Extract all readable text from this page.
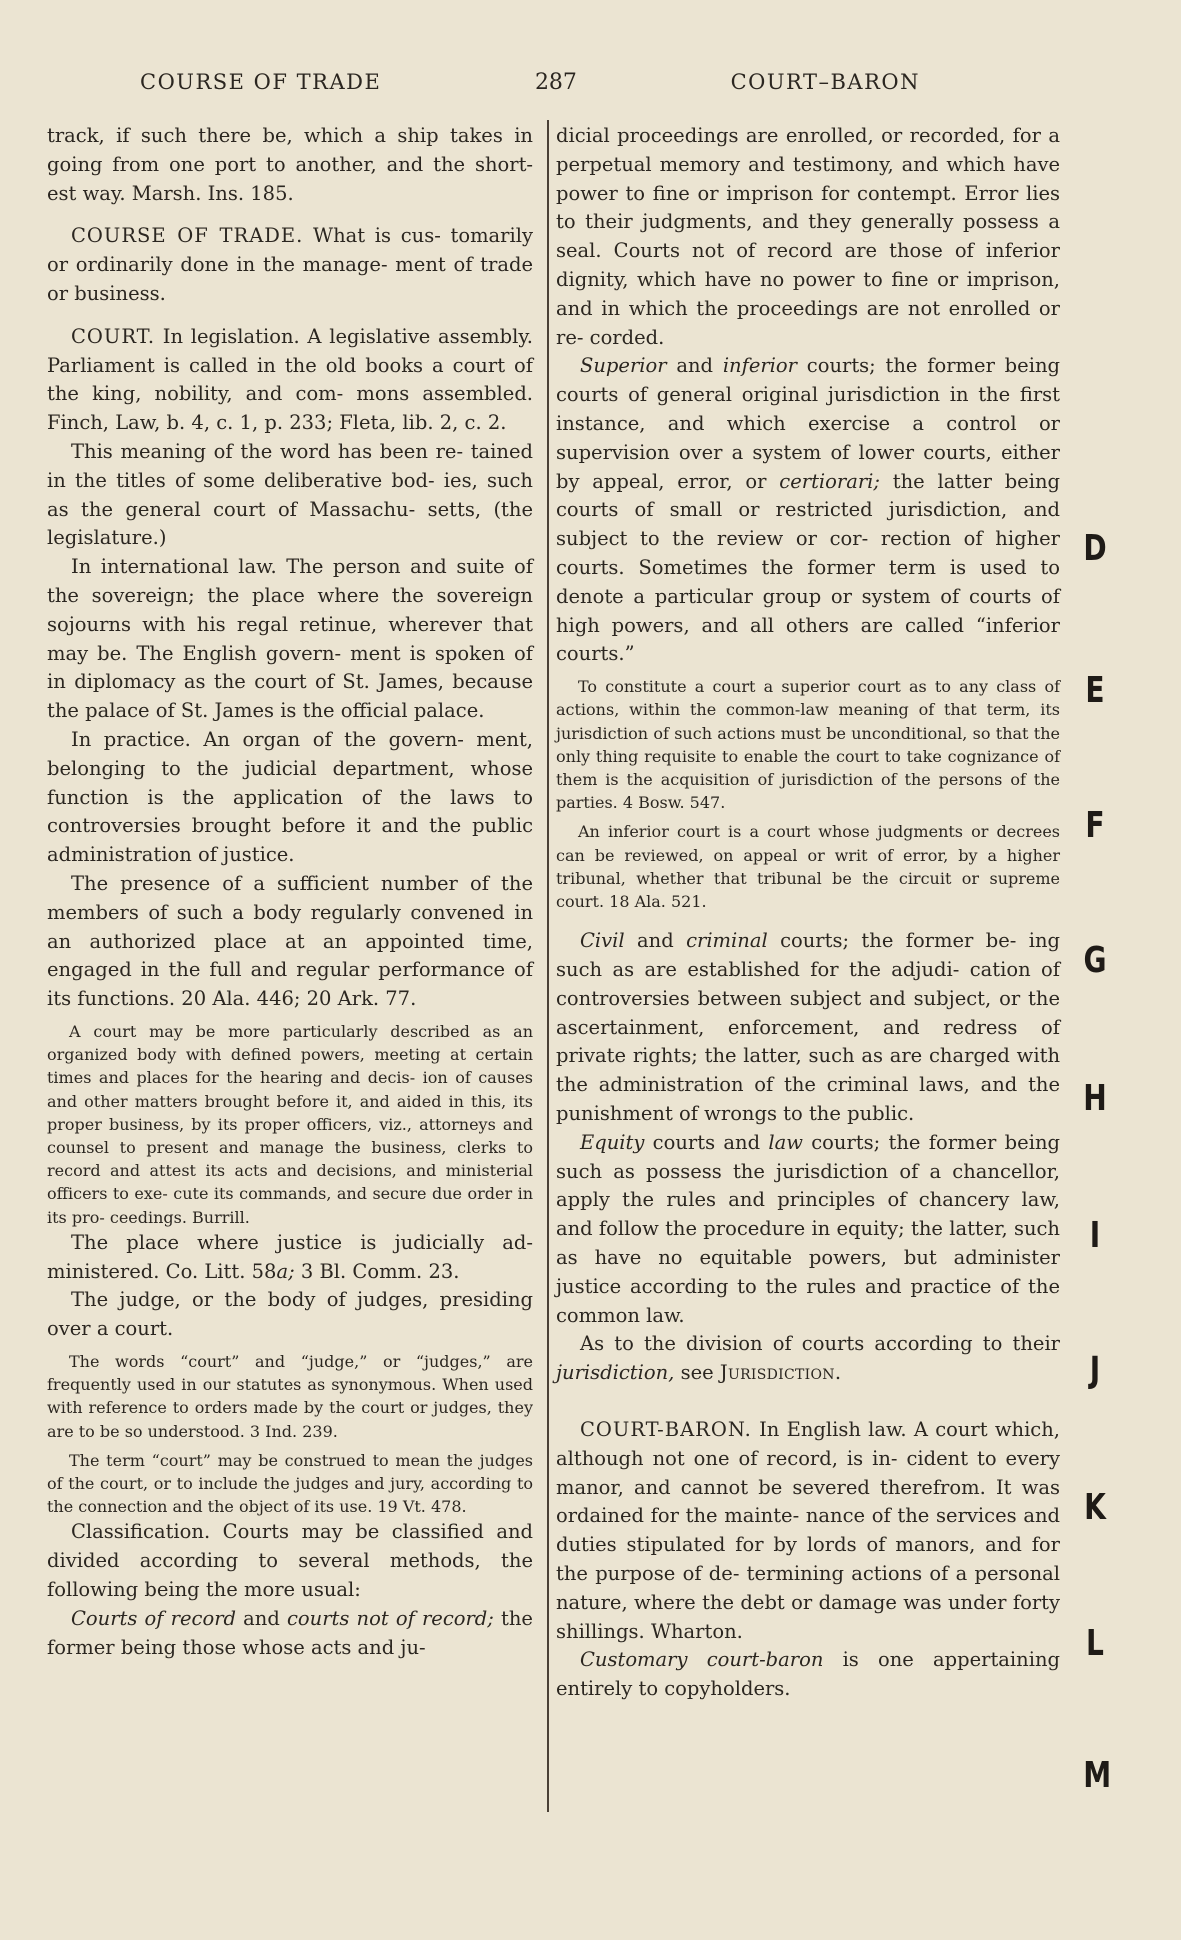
COURSE OF TRADE	287	COURT–BARON

track, if such there be, which a ship takes in going from one port to another, and the short- est way. Marsh. Ins. 185.

COURSE OF TRADE. What is cus- tomarily or ordinarily done in the manage- ment of trade or business.

COURT. In legislation. A legislative assembly. Parliament is called in the old books a court of the king, nobility, and com- mons assembled. Finch, Law, b. 4, c. 1, p. 233; Fleta, lib. 2, c. 2.

This meaning of the word has been re- tained in the titles of some deliberative bod- ies, such as the general court of Massachu- setts, (the legislature.)

In international law. The person and suite of the sovereign; the place where the sovereign sojourns with his regal retinue, wherever that may be. The English govern- ment is spoken of in diplomacy as the court of St. James, because the palace of St. James is the official palace.

In practice. An organ of the govern- ment, belonging to the judicial department, whose function is the application of the laws to controversies brought before it and the public administration of justice.

The presence of a sufficient number of the members of such a body regularly convened in an authorized place at an appointed time, engaged in the full and regular performance of its functions. 20 Ala. 446; 20 Ark. 77.

A court may be more particularly described as an organized body with defined powers, meeting at certain times and places for the hearing and decis- ion of causes and other matters brought before it, and aided in this, its proper business, by its proper officers, viz., attorneys and counsel to present and manage the business, clerks to record and attest its acts and decisions, and ministerial officers to exe- cute its commands, and secure due order in its pro- ceedings. Burrill.

The place where justice is judicially ad- ministered. Co. Litt. 58a; 3 Bl. Comm. 23.

The judge, or the body of judges, presiding over a court.

The words “court” and “judge,” or “judges,” are frequently used in our statutes as synonymous. When used with reference to orders made by the court or judges, they are to be so understood. 3 Ind. 239.

The term “court” may be construed to mean the judges of the court, or to include the judges and jury, according to the connection and the object of its use. 19 Vt. 478.

Classification. Courts may be classified and divided according to several methods, the following being the more usual:

Courts of record and courts not of record; the former being those whose acts and ju-

dicial proceedings are enrolled, or recorded, for a perpetual memory and testimony, and which have power to fine or imprison for contempt. Error lies to their judgments, and they generally possess a seal. Courts not of record are those of inferior dignity, which have no power to fine or imprison, and in which the proceedings are not enrolled or re- corded.

Superior and inferior courts; the former being courts of general original jurisdiction in the first instance, and which exercise a control or supervision over a system of lower courts, either by appeal, error, or certiorari; the latter being courts of small or restricted jurisdiction, and subject to the review or cor- rection of higher courts. Sometimes the former term is used to denote a particular group or system of courts of high powers, and all others are called “inferior courts.”

To constitute a court a superior court as to any class of actions, within the common-law meaning of that term, its jurisdiction of such actions must be unconditional, so that the only thing requisite to enable the court to take cognizance of them is the acquisition of jurisdiction of the persons of the parties. 4 Bosw. 547.

An inferior court is a court whose judgments or decrees can be reviewed, on appeal or writ of error, by a higher tribunal, whether that tribunal be the circuit or supreme court. 18 Ala. 521.

Civil and criminal courts; the former be- ing such as are established for the adjudi- cation of controversies between subject and subject, or the ascertainment, enforcement, and redress of private rights; the latter, such as are charged with the administration of the criminal laws, and the punishment of wrongs to the public.

Equity courts and law courts; the former being such as possess the jurisdiction of a chancellor, apply the rules and principles of chancery law, and follow the procedure in equity; the latter, such as have no equitable powers, but administer justice according to the rules and practice of the common law.

As to the division of courts according to their jurisdiction, see Jurisdiction.

COURT-BARON. In English law. A court which, although not one of record, is in- cident to every manor, and cannot be severed therefrom. It was ordained for the mainte- nance of the services and duties stipulated for by lords of manors, and for the purpose of de- termining actions of a personal nature, where the debt or damage was under forty shillings. Wharton.

Customary court-baron is one appertaining entirely to copyholders.

D
E
F
G
H
I
J
K
L
M
